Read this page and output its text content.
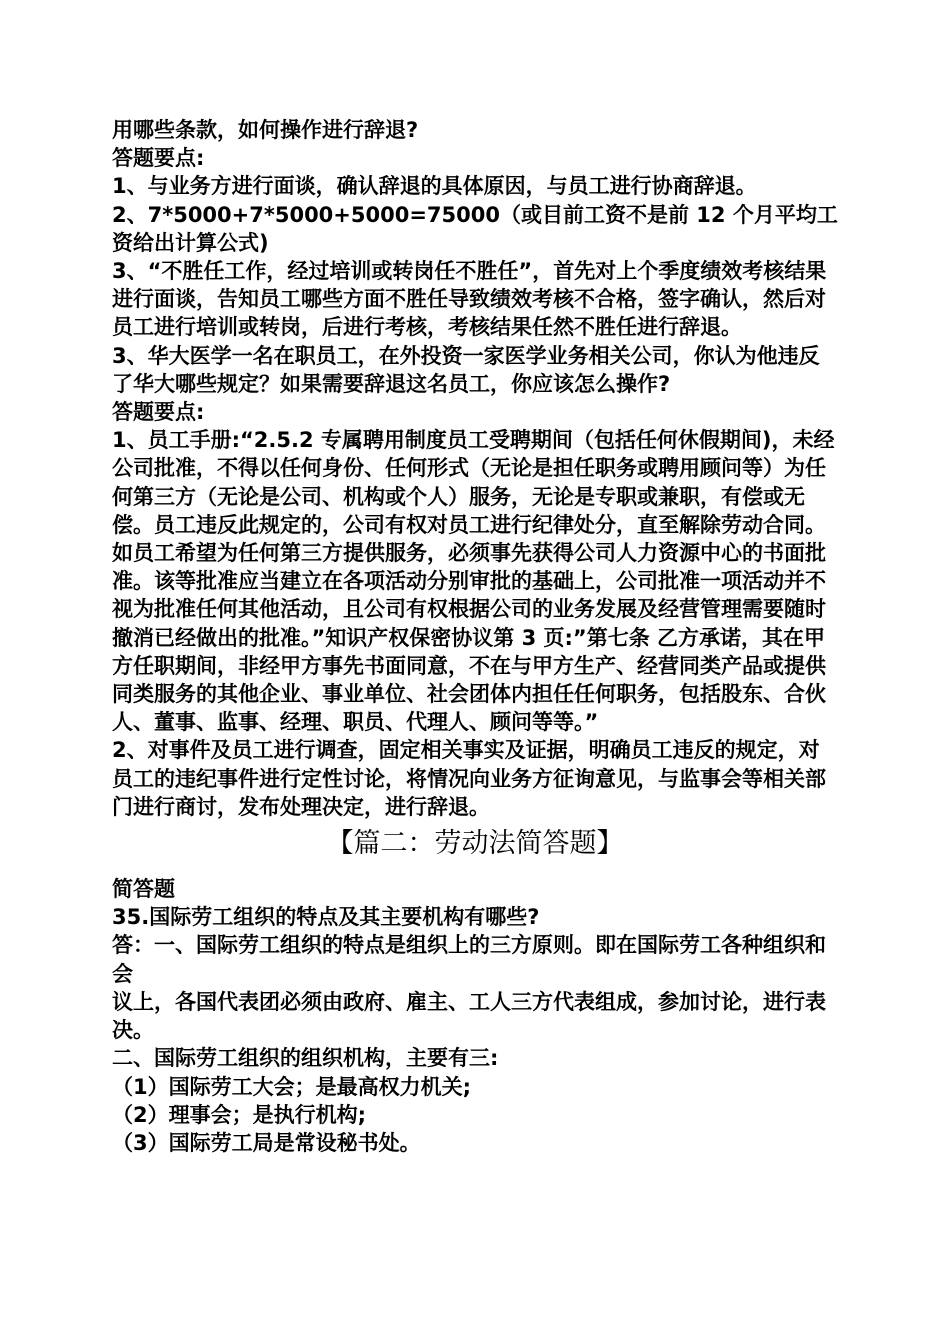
用哪些条款，如何操作进行辞退?

答题要点:

1、与业务方进行面谈，确认辞退的具体原因，与员工进行协商辞退。

2、7*5000+7*5000+5000=75000（或目前工资不是前 12 个月平均工资给出计算公式)

3、“不胜任工作，经过培训或转岗任不胜任”，首先对上个季度绩效考核结果进行面谈，告知员工哪些方面不胜任导致绩效考核不合格，签字确认，然后对员工进行培训或转岗，后进行考核，考核结果任然不胜任进行辞退。

3、华大医学一名在职员工，在外投资一家医学业务相关公司，你认为他违反了华大哪些规定？如果需要辞退这名员工，你应该怎么操作?

答题要点:

1、员工手册:“2.5.2 专属聘用制度员工受聘期间（包括任何休假期间)，未经公司批准，不得以任何身份、任何形式（无论是担任职务或聘用顾问等）为任何第三方（无论是公司、机构或个人）服务，无论是专职或兼职，有偿或无偿。员工违反此规定的，公司有权对员工进行纪律处分，直至解除劳动合同。如员工希望为任何第三方提供服务，必须事先获得公司人力资源中心的书面批准。该等批准应当建立在各项活动分别审批的基础上，公司批准一项活动并不视为批准任何其他活动，且公司有权根据公司的业务发展及经营管理需要随时撤消已经做出的批准。”知识产权保密协议第 3 页:”第七条 乙方承诺，其在甲方任职期间，非经甲方事先书面同意，不在与甲方生产、经营同类产品或提供同类服务的其他企业、事业单位、社会团体内担任任何职务，包括股东、合伙人、董事、监事、经理、职员、代理人、顾问等等。”

2、对事件及员工进行调查，固定相关事实及证据，明确员工违反的规定，对员工的违纪事件进行定性讨论，将情况向业务方征询意见，与监事会等相关部门进行商讨，发布处理决定，进行辞退。

【篇二：劳动法简答题】

简答题

35.国际劳工组织的特点及其主要机构有哪些?

答：一、国际劳工组织的特点是组织上的三方原则。即在国际劳工各种组织和会

议上，各国代表团必须由政府、雇主、工人三方代表组成，参加讨论，进行表决。

二、国际劳工组织的组织机构，主要有三:

（1）国际劳工大会；是最高权力机关;

（2）理事会；是执行机构;

（3）国际劳工局是常设秘书处。
